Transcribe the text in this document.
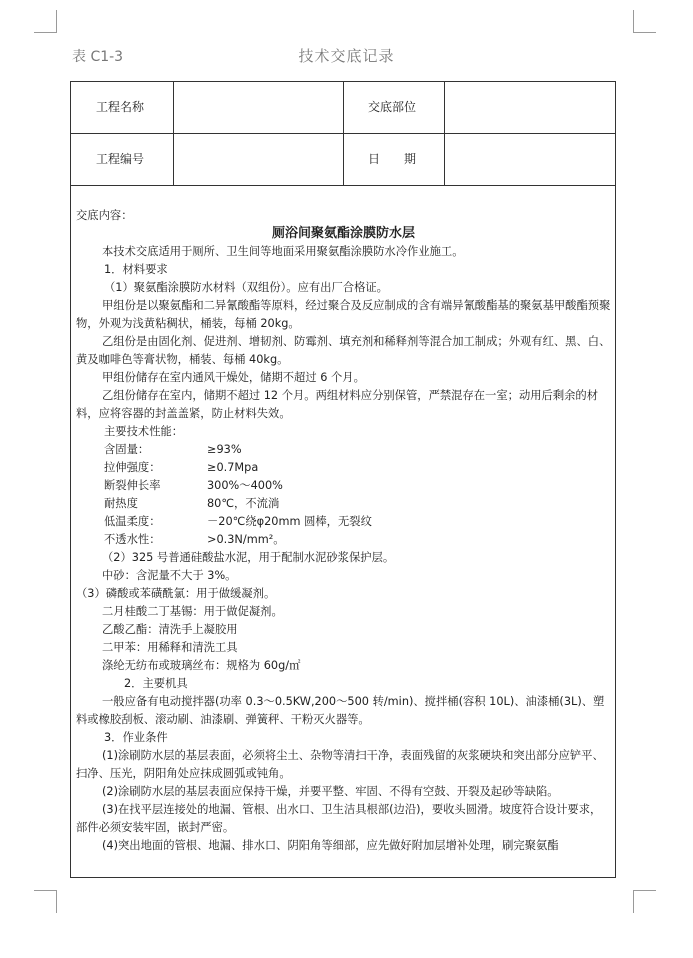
表 C1-3	技术交底记录
工程名称	交底部位
工程编号	日　　期

交底内容：

厕浴间聚氨酯涂膜防水层

本技术交底适用于厕所、卫生间等地面采用聚氨酯涂膜防水冷作业施工。

1．材料要求

（1）聚氨酯涂膜防水材料（双组份）。应有出厂合格证。

甲组份是以聚氨酯和二异氰酸酯等原料，经过聚合及反应制成的含有端异氰酸酯基的聚氨基甲酸酯预聚物，外观为浅黄粘稠状，桶装，每桶 20kg。

乙组份是由固化剂、促进剂、增韧剂、防霉剂、填充剂和稀释剂等混合加工制成；外观有红、黑、白、黄及咖啡色等膏状物，桶装、每桶 40kg。

甲组份储存在室内通风干燥处，储期不超过 6 个月。

乙组份储存在室内，储期不超过 12 个月。两组材料应分别保管，严禁混存在一室；动用后剩余的材料，应将容器的封盖盖紧，防止材料失效。

主要技术性能：

含固量：	≥93%
拉伸强度：	≥0.7Mpa
断裂伸长率	300%～400%
耐热度	80℃，不流淌
低温柔度：	－20℃绕φ20mm 圆棒，无裂纹
不透水性：	>0.3N/mm²。

（2）325 号普通硅酸盐水泥，用于配制水泥砂浆保护层。

中砂：含泥量不大于 3%。

（3）磷酸或苯磺酰氯：用于做缓凝剂。

二月桂酸二丁基锡：用于做促凝剂。

乙酸乙酯：清洗手上凝胶用

二甲苯：用稀释和清洗工具

涤纶无纺布或玻璃丝布：规格为 60g/㎡

2．主要机具

一般应备有电动搅拌器(功率 0.3～0.5KW,200～500 转/min)、搅拌桶(容积 10L)、油漆桶(3L)、塑料或橡胶刮板、滚动刷、油漆刷、弹簧秤、干粉灭火器等。

3．作业条件

(1)涂刷防水层的基层表面，必须将尘土、杂物等清扫干净，表面残留的灰浆硬块和突出部分应铲平、扫净、压光，阴阳角处应抹成圆弧或钝角。

(2)涂刷防水层的基层表面应保持干燥，并要平整、牢固、不得有空鼓、开裂及起砂等缺陷。

(3)在找平层连接处的地漏、管根、出水口、卫生洁具根部(边沿)，要收头圆滑。坡度符合设计要求，部件必须安装牢固，嵌封严密。

(4)突出地面的管根、地漏、排水口、阴阳角等细部，应先做好附加层增补处理，刷完聚氨酯
